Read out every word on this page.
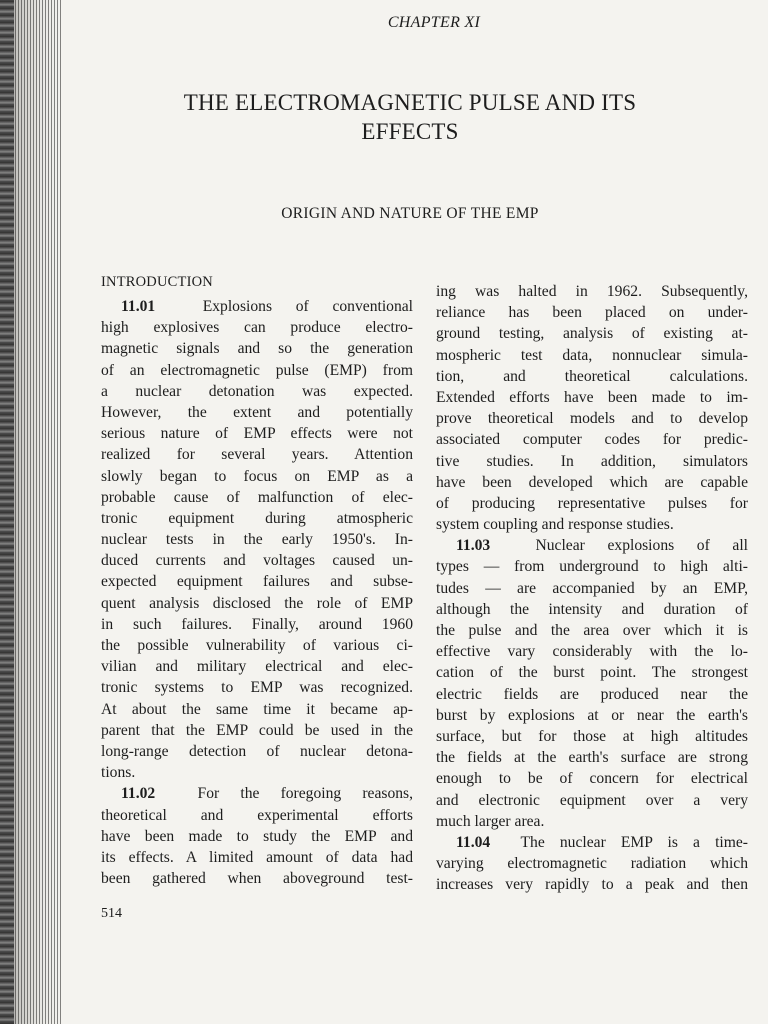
CHAPTER XI
THE ELECTROMAGNETIC PULSE AND ITS
EFFECTS
ORIGIN AND NATURE OF THE EMP
INTRODUCTION
11.01	Explosions of conventional
high explosives can produce electro-
magnetic signals and so the generation
of an electromagnetic pulse (EMP) from
a nuclear detonation was expected.
However, the extent and potentially
serious nature of EMP effects were not
realized for several years. Attention
slowly began to focus on EMP as a
probable cause of malfunction of elec-
tronic equipment during atmospheric
nuclear tests in the early 1950's. In-
duced currents and voltages caused un-
expected equipment failures and subse-
quent analysis disclosed the role of EMP
in such failures. Finally, around 1960
the possible vulnerability of various ci-
vilian and military electrical and elec-
tronic systems to EMP was recognized.
At about the same time it became ap-
parent that the EMP could be used in the
long-range detection of nuclear detona-
tions.
11.02	For the foregoing reasons,
theoretical and experimental efforts
have been made to study the EMP and
its effects. A limited amount of data had
been gathered when aboveground test-
ing was halted in 1962. Subsequently,
reliance has been placed on under-
ground testing, analysis of existing at-
mospheric test data, nonnuclear simula-
tion, and theoretical calculations.
Extended efforts have been made to im-
prove theoretical models and to develop
associated computer codes for predic-
tive studies. In addition, simulators
have been developed which are capable
of producing representative pulses for
system coupling and response studies.
11.03	Nuclear explosions of all
types — from underground to high alti-
tudes — are accompanied by an EMP,
although the intensity and duration of
the pulse and the area over which it is
effective vary considerably with the lo-
cation of the burst point. The strongest
electric fields are produced near the
burst by explosions at or near the earth's
surface, but for those at high altitudes
the fields at the earth's surface are strong
enough to be of concern for electrical
and electronic equipment over a very
much larger area.
11.04 The nuclear EMP is a time-
varying electromagnetic radiation which
increases very rapidly to a peak and then
514
